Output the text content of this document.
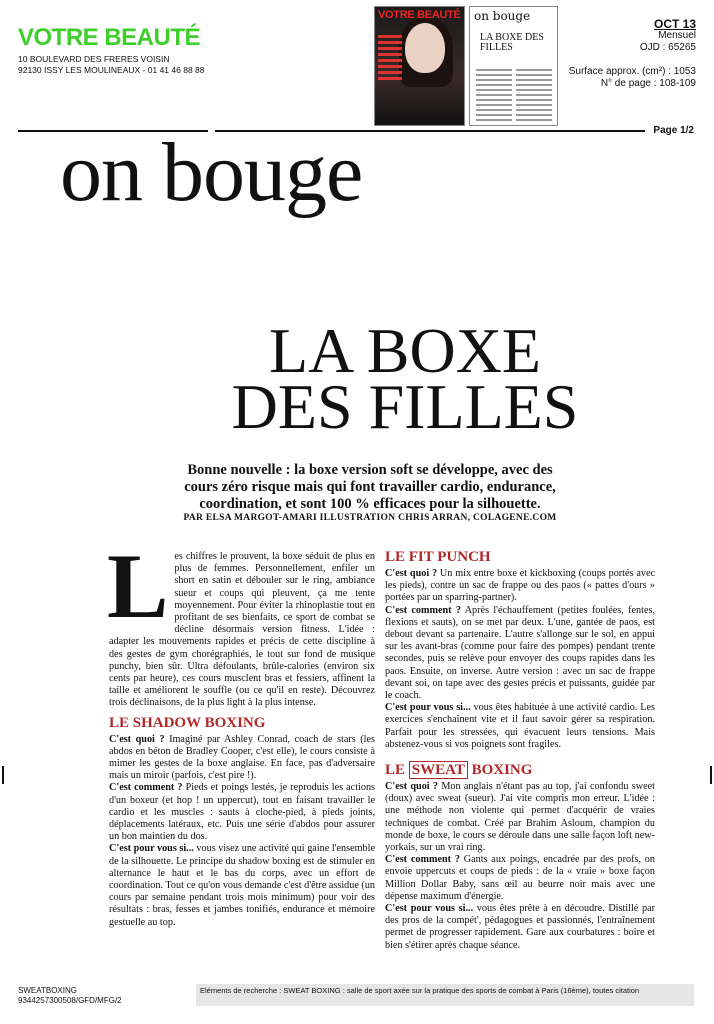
VOTRE BEAUTÉ
10 BOULEVARD DES FRERES VOISIN
92130 ISSY LES MOULINEAUX - 01 41 46 88 88
VOTRE BEAUTÉ on bouge
LA BOXE DES FILLES
OCT 13
Mensuel
OJD : 65265
Surface approx. (cm²) : 1053
N° de page : 108-109
Page 1/2
on bouge
LA BOXE
DES FILLES
Bonne nouvelle : la boxe version soft se développe, avec des cours zéro risque mais qui font travailler cardio, endurance, coordination, et sont 100 % efficaces pour la silhouette.
PAR ELSA MARGOT-AMARI ILLUSTRATION CHRIS ARRAN, COLAGENE.COM
L es chiffres le prouvent, la boxe séduit de plus en plus de femmes. Personnellement, enfiler un short en satin et débouler sur le ring, ambiance sueur et coups qui pleuvent, ça me tente moyennement. Pour éviter la rhinoplastie tout en profitant de ses bienfaits, ce sport de combat se décline désormais version fitness. L'idée : adapter les mouvements rapides et précis de cette discipline à des gestes de gym chorégraphiés, le tout sur fond de musique punchy, bien sûr. Ultra défoulants, brûle-calories (environ six cents par heure), ces cours musclent bras et fessiers, affinent la taille et améliorent le souffle (ou ce qu'il en reste). Découvrez trois déclinaisons, de la plus light à la plus intense.

LE SHADOW BOXING

C'est quoi ? Imaginé par Ashley Conrad, coach de stars (les abdos en béton de Bradley Cooper, c'est elle), le cours consiste à mimer les gestes de la boxe anglaise. En face, pas d'adversaire mais un miroir (parfois, c'est pire !).

C'est comment ? Pieds et poings lestés, je reproduis les actions d'un boxeur (et hop ! un uppercut), tout en faisant travailler le cardio et les muscles : sauts à cloche-pied, à pieds joints, déplacements latéraux, etc. Puis une série d'abdos pour assurer un bon maintien du dos.

C'est pour vous si... vous visez une activité qui gaine l'ensemble de la silhouette. Le principe du shadow boxing est de stimuler en alternance le haut et le bas du corps, avec un effort de coordination. Tout ce qu'on vous demande c'est d'être assidue (un cours par semaine pendant trois mois minimum) pour voir des résultats : bras, fesses et jambes tonifiés, endurance et mémoire gestuelle au top.

LE FIT PUNCH

C'est quoi ? Un mix entre boxe et kickboxing (coups portés avec les pieds), contre un sac de frappe ou des paos (« pattes d'ours » portées par un sparring-partner).

C'est comment ? Après l'échauffement (petites foulées, fentes, flexions et sauts), on se met par deux. L'une, gantée de paos, est debout devant sa partenaire. L'autre s'allonge sur le sol, en appui sur les avant-bras (comme pour faire des pompes) pendant trente secondes, puis se relève pour envoyer des coups rapides dans les paos. Ensuite, on inverse. Autre version : avec un sac de frappe devant soi, on tape avec des gestes précis et puissants, guidée par le coach.

C'est pour vous si... vous êtes habituée à une activité cardio. Les exercices s'enchaînent vite et il faut savoir gérer sa respiration. Parfait pour les stressées, qui évacuent leurs tensions. Mais abstenez-vous si vos poignets sont fragiles.

LE SWEAT BOXING

C'est quoi ? Mon anglais n'étant pas au top, j'ai confondu sweet (doux) avec sweat (sueur). J'ai vite compris mon erreur. L'idée : une méthode non violente qui permet d'acquérir de vraies techniques de combat. Créé par Brahim Asloum, champion du monde de boxe, le cours se déroule dans une salle façon loft new-yorkais, sur un vrai ring.

C'est comment ? Gants aux poings, encadrée par des profs, on envoie uppercuts et coups de pieds : de la « vraie » boxe façon Million Dollar Baby, sans œil au beurre noir mais avec une dépense maximum d'énergie.

C'est pour vous si... vous êtes prête à en découdre. Distillé par des pros de la compét', pédagogues et passionnés, l'entraînement permet de progresser rapidement. Gare aux courbatures : boire et bien s'étirer après chaque séance.

SWEATBOXING
9344257300508/GFD/MFG/2
Eléments de recherche : SWEAT BOXING : salle de sport axée sur la pratique des sports de combat à Paris (16ème), toutes citation
